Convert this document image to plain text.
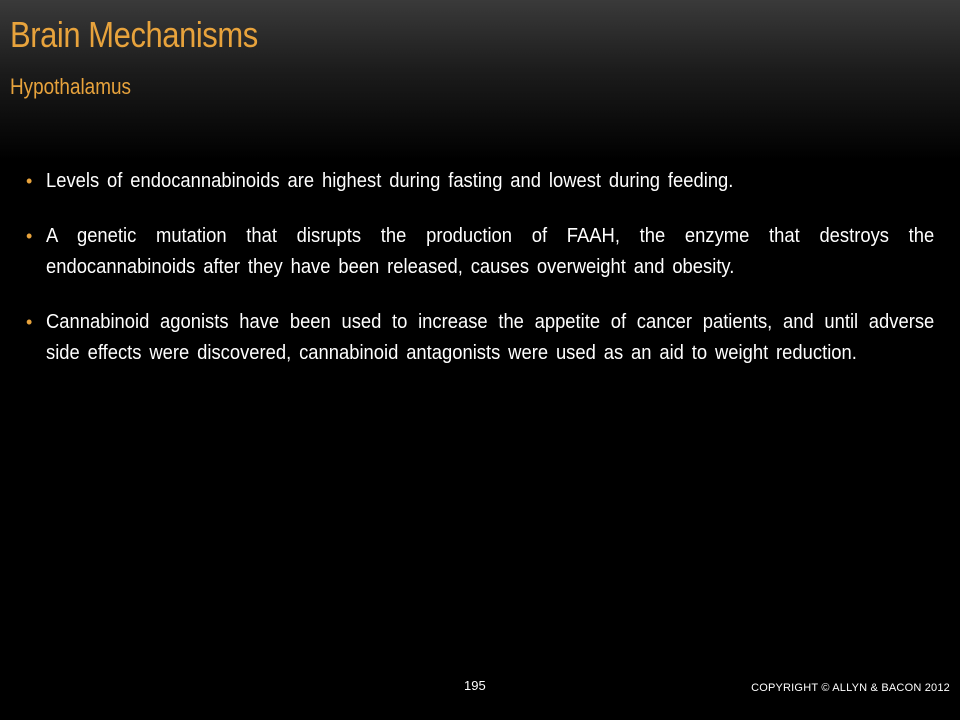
Brain Mechanisms
Hypothalamus
• Levels of endocannabinoids are highest during fasting and lowest during feeding.
• A genetic mutation that disrupts the production of FAAH, the enzyme that destroys the endocannabinoids after they have been released, causes overweight and obesity.
• Cannabinoid agonists have been used to increase the appetite of cancer patients, and until adverse side effects were discovered, cannabinoid antagonists were used as an aid to weight reduction.
195	COPYRIGHT © ALLYN & BACON 2012
